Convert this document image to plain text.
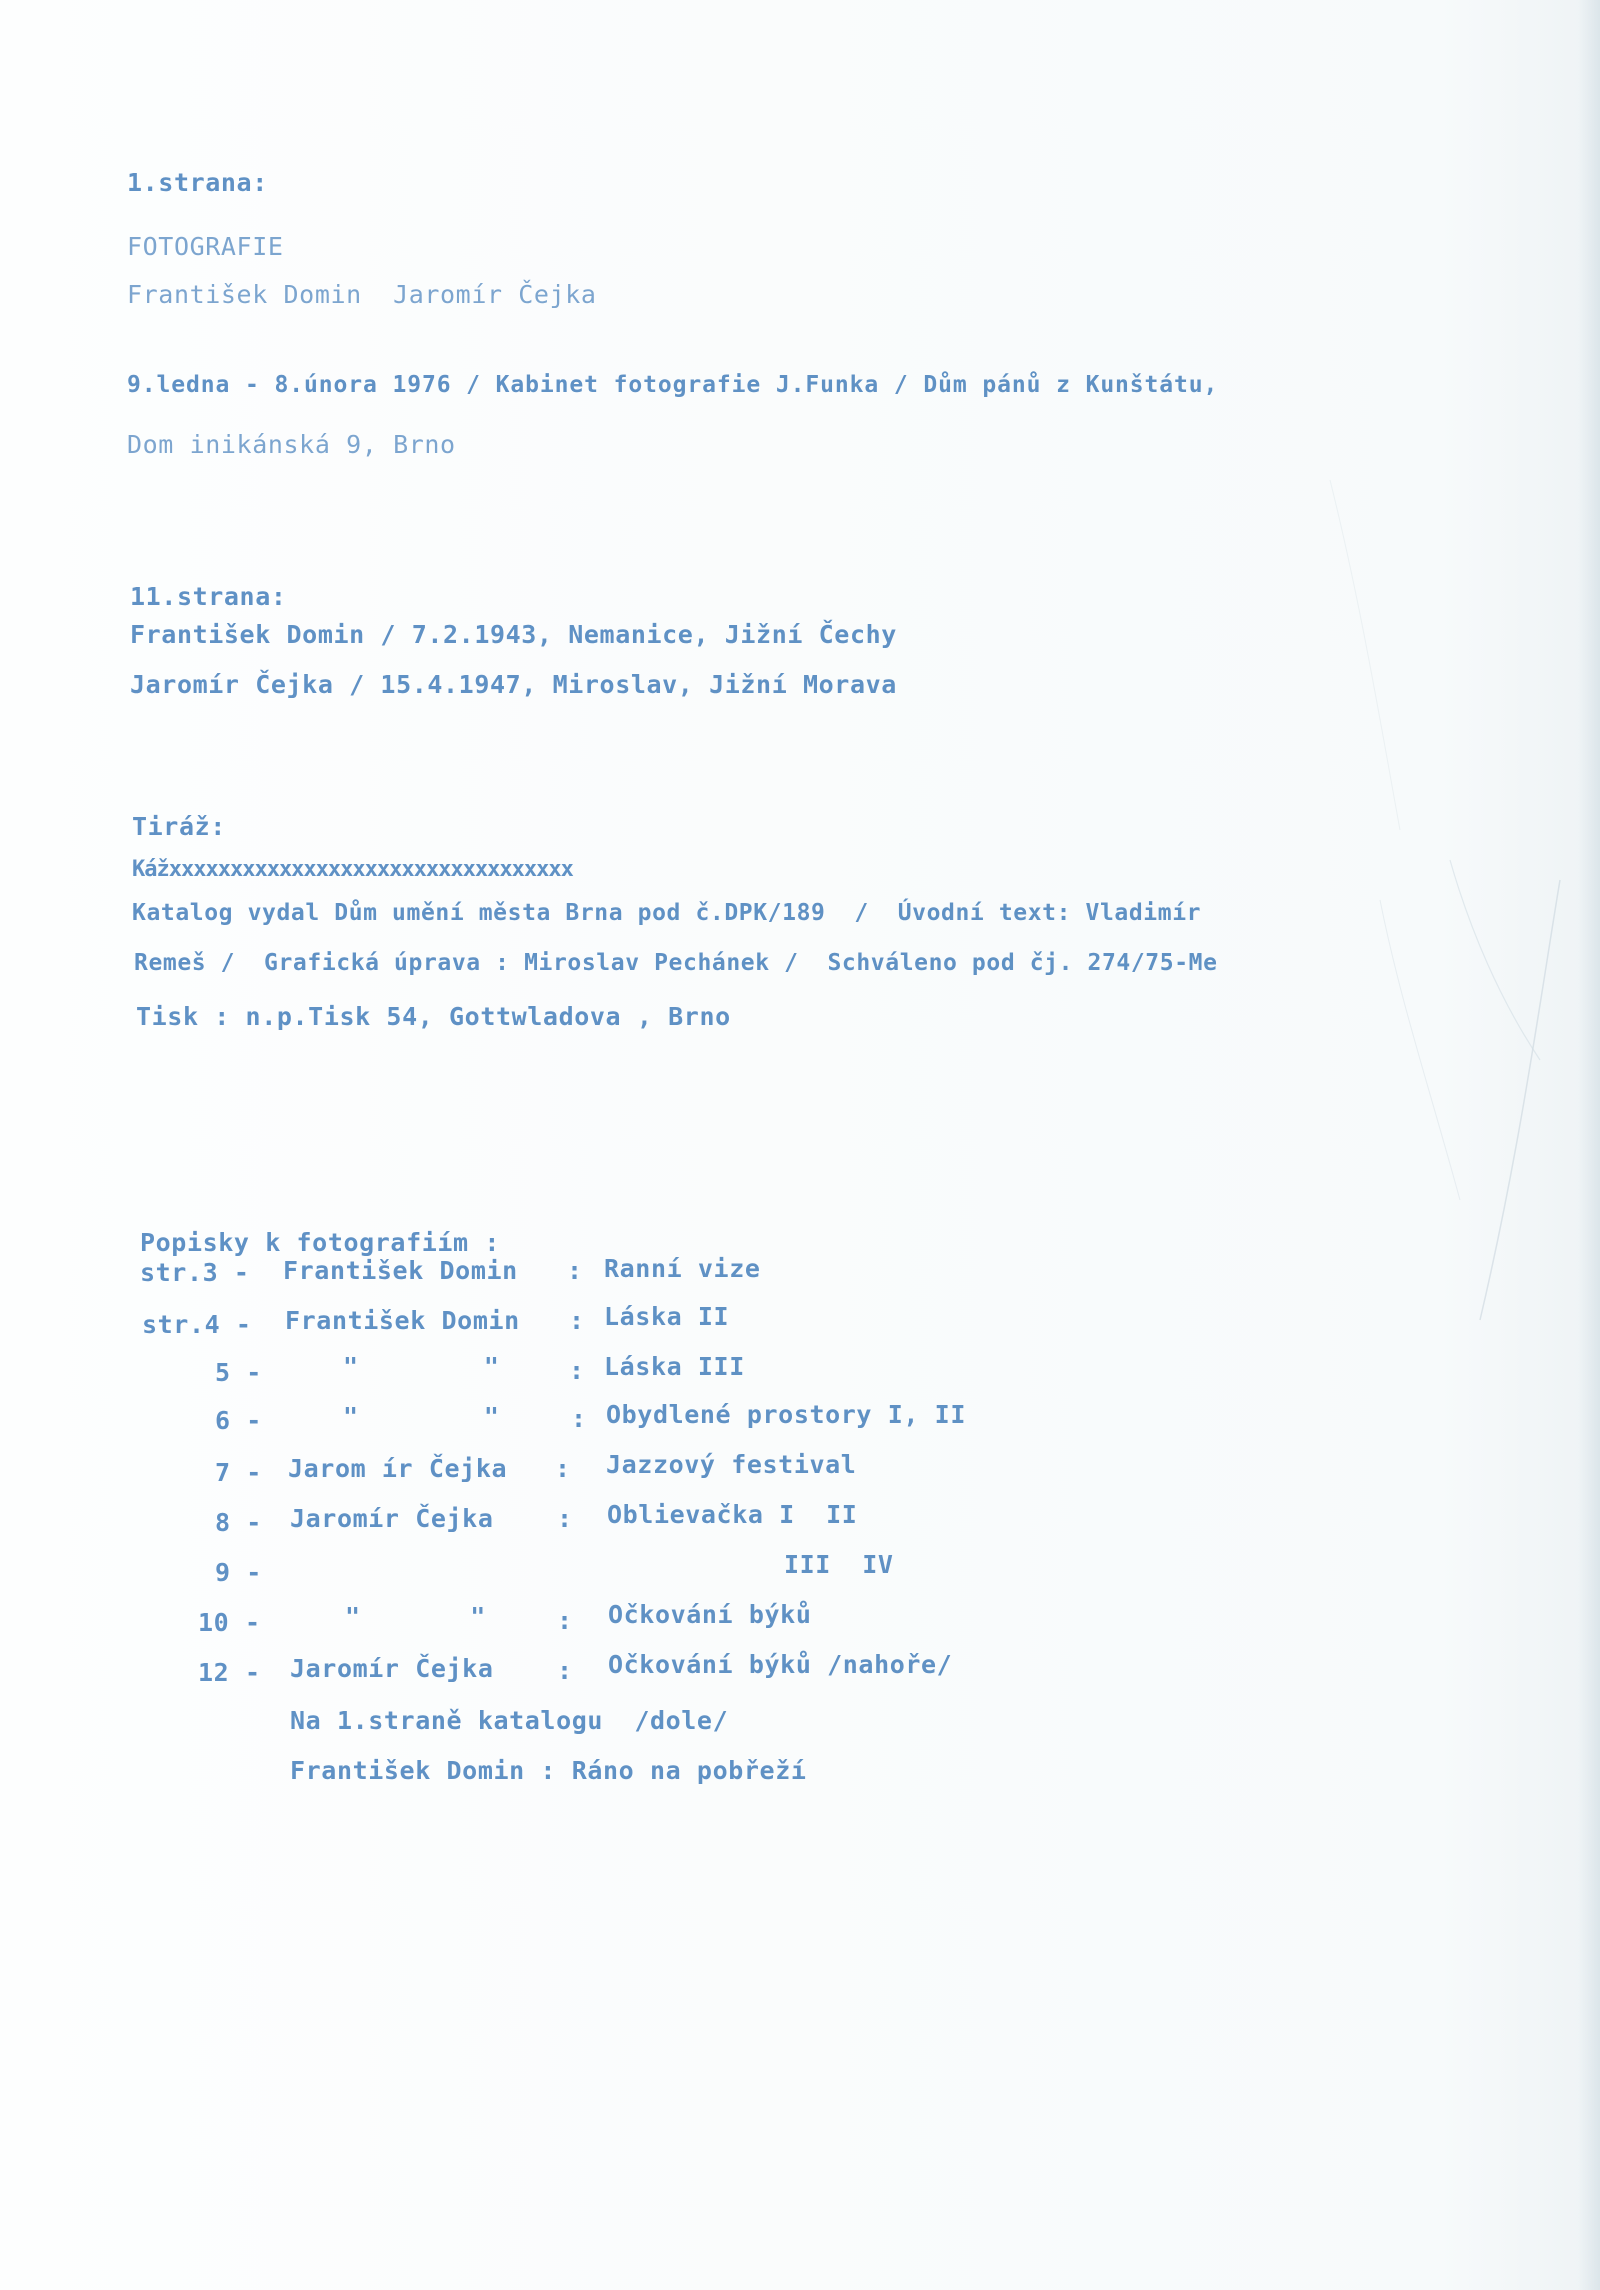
1.strana:
FOTOGRAFIE
František Domin  Jaromír Čejka
9.ledna - 8.února 1976 / Kabinet fotografie J.Funka / Dům pánů z Kunštátu,
Dom inikánská 9, Brno
11.strana:
František Domin / 7.2.1943, Nemanice, Jižní Čechy
Jaromír Čejka / 15.4.1947, Miroslav, Jižní Morava
Tiráž:
Kážxxxxxxxxxxxxxxxxxxxxxxxxxxxxxxxxx
Katalog vydal Dům umění města Brna pod č.DPK/189  /  Úvodní text: Vladimír
Remeš /  Grafická úprava : Miroslav Pechánek /  Schváleno pod čj. 274/75-Me
Tisk : n.p.Tisk 54, Gottwladova , Brno
Popisky k fotografiím :
str.3 - František Domin : Ranní vize
str.4 - František Domin : Láska II
5 -	"        "	: Láska III
6 -	"        "	: Obydlené prostory I, II
7 - Jarom ír Čejka : Jazzový festival
8 - Jaromír Čejka	: Oblievačka I  II
9 -	III  IV
10 -	"       "	: Očkování býků
12 - Jaromír Čejka	: Očkování býků /nahoře/
Na 1.straně katalogu  /dole/
František Domin : Ráno na pobřeží
